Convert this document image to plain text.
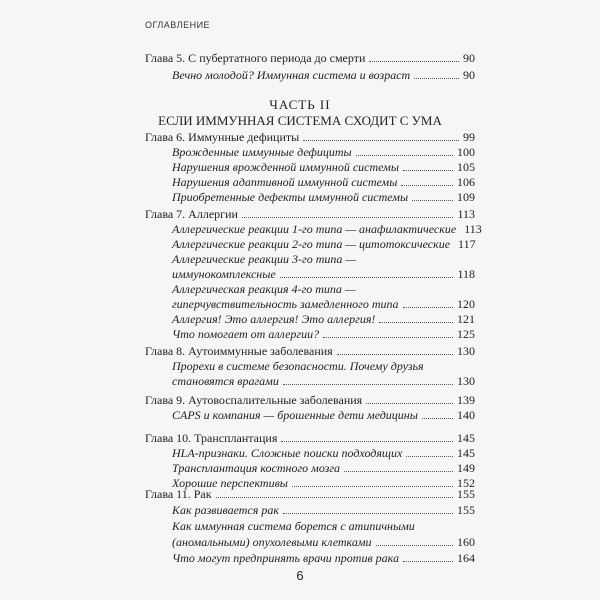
ОГЛАВЛЕНИЕ
ЧАСТЬ II
ЕСЛИ ИММУННАЯ СИСТЕМА СХОДИТ С УМА
Глава 5. С пубертатного периода до смерти	90
Вечно молодой? Иммунная система и возраст	90
Глава 6. Иммунные дефициты	99
Врожденные иммунные дефициты	100
Нарушения врожденной иммунной системы	105
Нарушения адаптивной иммунной системы	106
Приобретенные дефекты иммунной системы	109
Глава 7. Аллергии	113
Аллергические реакции 1-го типа — анафилактические 113
Аллергические реакции 2-го типа — цитотоксические 117
Аллергические реакции 3-го типа —
иммунокомплексные	118
Аллергическая реакция 4-го типа —
гиперчувствительность замедленного типа	120
Аллергия! Это аллергия! Это аллергия!	121
Что помогает от аллергии?	125
Глава 8. Аутоиммунные заболевания	130
Прорехи в системе безопасности. Почему друзья
становятся врагами	130
Глава 9. Аутовоспалительные заболевания	139
CAPS и компания — брошенные дети медицины	140
Глава 10. Трансплантация	145
HLA-признаки. Сложные поиски подходящих	145
Трансплантация костного мозга	149
Хорошие перспективы	152
Глава 11. Рак	155
Как развивается рак	155
6
Как иммунная система борется с атипичными
(аномальными) опухолевыми клетками	160
Что могут предпринять врачи против рака	164
